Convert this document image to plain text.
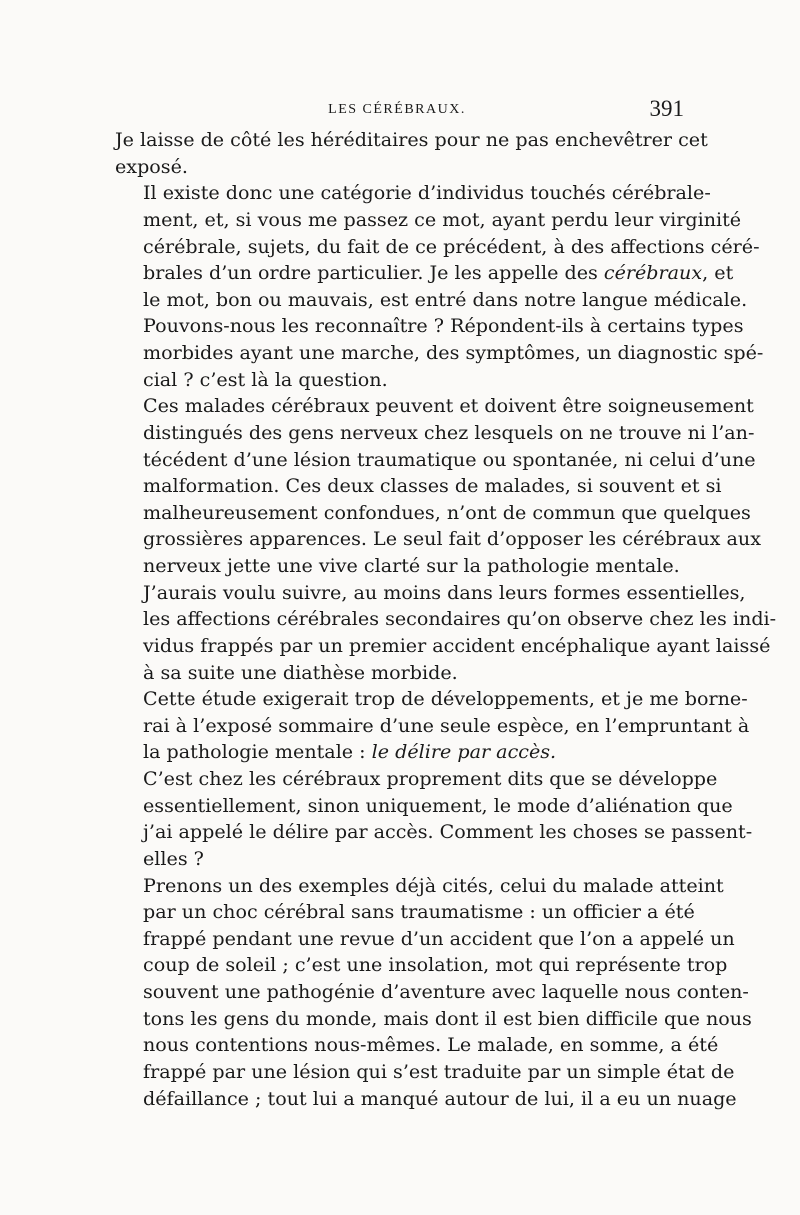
LES CÉRÉBRAUX.	391

Je laisse de côté les héréditaires pour ne pas enchevêtrer cet
exposé.

Il existe donc une catégorie d’individus touchés cérébrale-
ment, et, si vous me passez ce mot, ayant perdu leur virginité
cérébrale, sujets, du fait de ce précédent, à des affections céré-
brales d’un ordre particulier. Je les appelle des cérébraux, et
le mot, bon ou mauvais, est entré dans notre langue médicale.

Pouvons-nous les reconnaître ? Répondent-ils à certains types
morbides ayant une marche, des symptômes, un diagnostic spé-
cial ? c’est là la question.

Ces malades cérébraux peuvent et doivent être soigneusement
distingués des gens nerveux chez lesquels on ne trouve ni l’an-
técédent d’une lésion traumatique ou spontanée, ni celui d’une
malformation. Ces deux classes de malades, si souvent et si
malheureusement confondues, n’ont de commun que quelques
grossières apparences. Le seul fait d’opposer les cérébraux aux
nerveux jette une vive clarté sur la pathologie mentale.

J’aurais voulu suivre, au moins dans leurs formes essentielles,
les affections cérébrales secondaires qu’on observe chez les indi-
vidus frappés par un premier accident encéphalique ayant laissé
à sa suite une diathèse morbide.

Cette étude exigerait trop de développements, et je me borne-
rai à l’exposé sommaire d’une seule espèce, en l’empruntant à
la pathologie mentale : le délire par accès.

C’est chez les cérébraux proprement dits que se développe
essentiellement, sinon uniquement, le mode d’aliénation que
j’ai appelé le délire par accès. Comment les choses se passent-
elles ?

Prenons un des exemples déjà cités, celui du malade atteint
par un choc cérébral sans traumatisme : un officier a été
frappé pendant une revue d’un accident que l’on a appelé un
coup de soleil ; c’est une insolation, mot qui représente trop
souvent une pathogénie d’aventure avec laquelle nous conten-
tons les gens du monde, mais dont il est bien difficile que nous
nous contentions nous-mêmes. Le malade, en somme, a été
frappé par une lésion qui s’est traduite par un simple état de
défaillance ; tout lui a manqué autour de lui, il a eu un nuage
